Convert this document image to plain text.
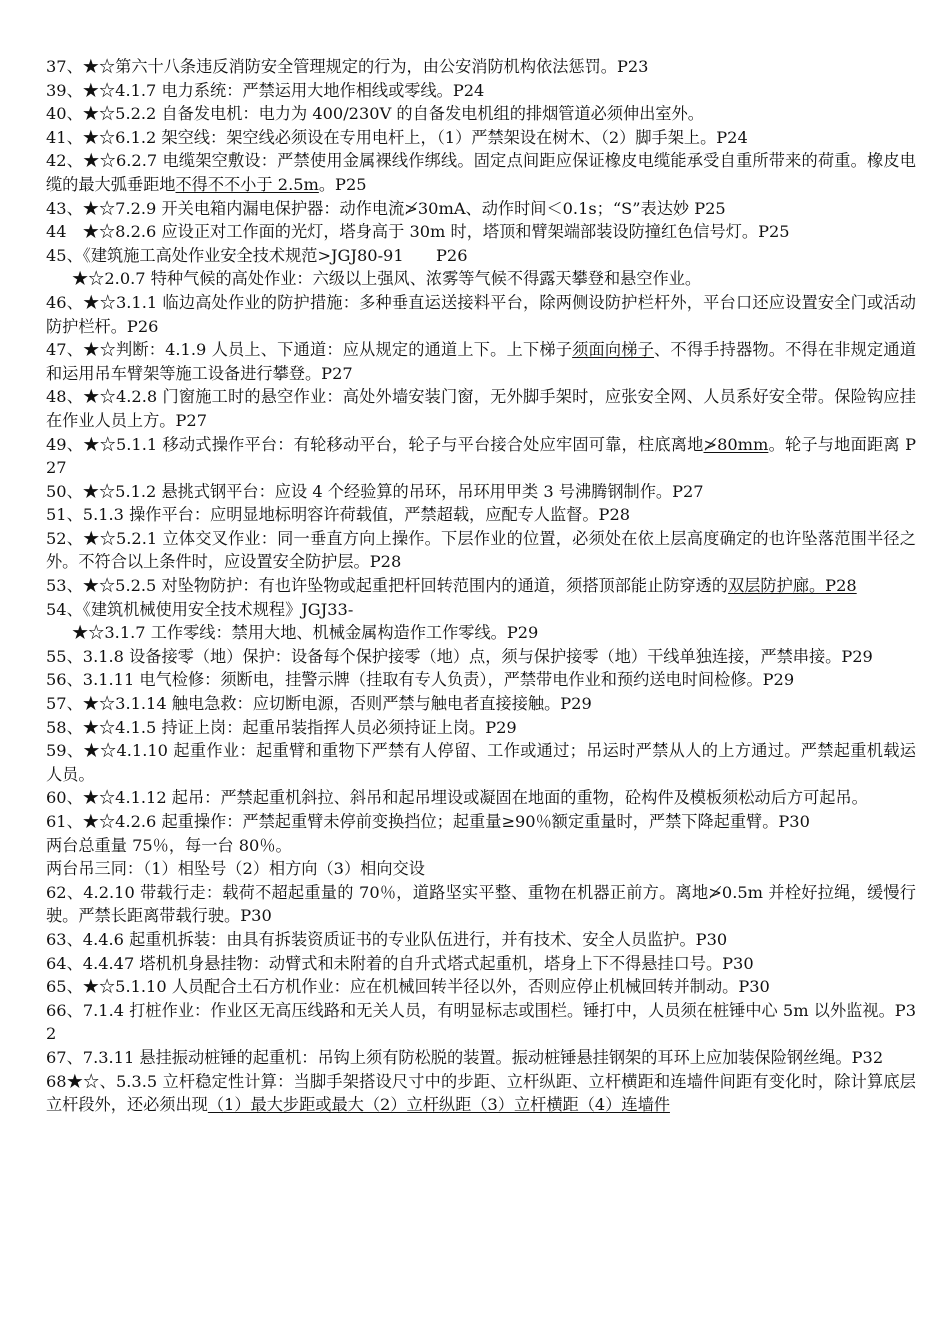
37、★☆第六十八条违反消防安全管理规定的行为，由公安消防机构依法惩罚。P23

39、★☆4.1.7 电力系统：严禁运用大地作相线或零线。P24

40、★☆5.2.2 自备发电机：电力为 400/230V 的自备发电机组的排烟管道必须伸出室外。

41、★☆6.1.2 架空线：架空线必须设在专用电杆上，（1）严禁架设在树木、（2）脚手架上。P24

42、★☆6.2.7 电缆架空敷设：严禁使用金属裸线作绑线。固定点间距应保证橡皮电缆能承受自重所带来的荷重。橡皮电缆的最大弧垂距地不得不不小于 2.5m。P25

43、★☆7.2.9 开关电箱内漏电保护器：动作电流≯30mA、动作时间＜0.1s；“S”表达妙 P25

44　★☆8.2.6 应设正对工作面的光灯，塔身高于 30m 时，塔顶和臂架端部装设防撞红色信号灯。P25

45、《建筑施工高处作业安全技术规范>JGJ80-91　　P26

★☆2.0.7 特种气候的高处作业：六级以上强风、浓雾等气候不得露天攀登和悬空作业。

46、★☆3.1.1 临边高处作业的防护措施：多种垂直运送接料平台，除两侧设防护栏杆外，平台口还应设置安全门或活动防护栏杆。P26

47、★☆判断：4.1.9 人员上、下通道：应从规定的通道上下。上下梯子须面向梯子、不得手持器物。不得在非规定通道和运用吊车臂架等施工设备进行攀登。P27

48、★☆4.2.8 门窗施工时的悬空作业：高处外墙安装门窗，无外脚手架时，应张安全网、人员系好安全带。保险钩应挂在作业人员上方。P27

49、★☆5.1.1 移动式操作平台：有轮移动平台，轮子与平台接合处应牢固可靠，柱底离地≯80mm。轮子与地面距离 P27

50、★☆5.1.2 悬挑式钢平台：应设 4 个经验算的吊环，吊环用甲类 3 号沸腾钢制作。P27

51、5.1.3 操作平台：应明显地标明容许荷载值，严禁超载，应配专人监督。P28

52、★☆5.2.1 立体交叉作业：同一垂直方向上操作。下层作业的位置，必须处在依上层高度确定的也许坠落范围半径之外。不符合以上条件时，应设置安全防护层。P28

53、★☆5.2.5 对坠物防护：有也许坠物或起重把杆回转范围内的通道，须搭顶部能止防穿透的双层防护廊。P28

54、《建筑机械使用安全技术规程》JGJ33-

★☆3.1.7 工作零线：禁用大地、机械金属构造作工作零线。P29

55、3.1.8 设备接零（地）保护：设备每个保护接零（地）点，须与保护接零（地）干线单独连接，严禁串接。P29

56、3.1.11 电气检修：须断电，挂警示牌（挂取有专人负责），严禁带电作业和预约送电时间检修。P29

57、★☆3.1.14 触电急救：应切断电源，否则严禁与触电者直接接触。P29

58、★☆4.1.5 持证上岗：起重吊装指挥人员必须持证上岗。P29

59、★☆4.1.10 起重作业：起重臂和重物下严禁有人停留、工作或通过；吊运时严禁从人的上方通过。严禁起重机载运人员。

60、★☆4.1.12 起吊：严禁起重机斜拉、斜吊和起吊埋设或凝固在地面的重物，砼构件及模板须松动后方可起吊。

61、★☆4.2.6 起重操作：严禁起重臂未停前变换挡位；起重量≥90％额定重量时，严禁下降起重臂。P30

两台总重量 75％，每一台 80％。

两台吊三同：（1）相坠号（2）相方向（3）相向交设

62、4.2.10 带载行走：载荷不超起重量的 70％，道路坚实平整、重物在机器正前方。离地≯0.5m 并栓好拉绳，缓慢行驶。严禁长距离带载行驶。P30

63、4.4.6 起重机拆装：由具有拆装资质证书的专业队伍进行，并有技术、安全人员监护。P30

64、4.4.47 塔机机身悬挂物：动臂式和未附着的自升式塔式起重机，塔身上下不得悬挂口号。P30

65、★☆5.1.10 人员配合土石方机作业：应在机械回转半径以外，否则应停止机械回转并制动。P30

66、7.1.4 打桩作业：作业区无高压线路和无关人员，有明显标志或围栏。锤打中，人员须在桩锤中心 5m 以外监视。P32

67、7.3.11 悬挂振动桩锤的起重机：吊钩上须有防松脱的装置。振动桩锤悬挂钢架的耳环上应加装保险钢丝绳。P32

68★☆、5.3.5 立杆稳定性计算：当脚手架搭设尺寸中的步距、立杆纵距、立杆横距和连墙件间距有变化时，除计算底层立杆段外，还必须出现（1）最大步距或最大（2）立杆纵距（3）立杆横距（4）连墙件
